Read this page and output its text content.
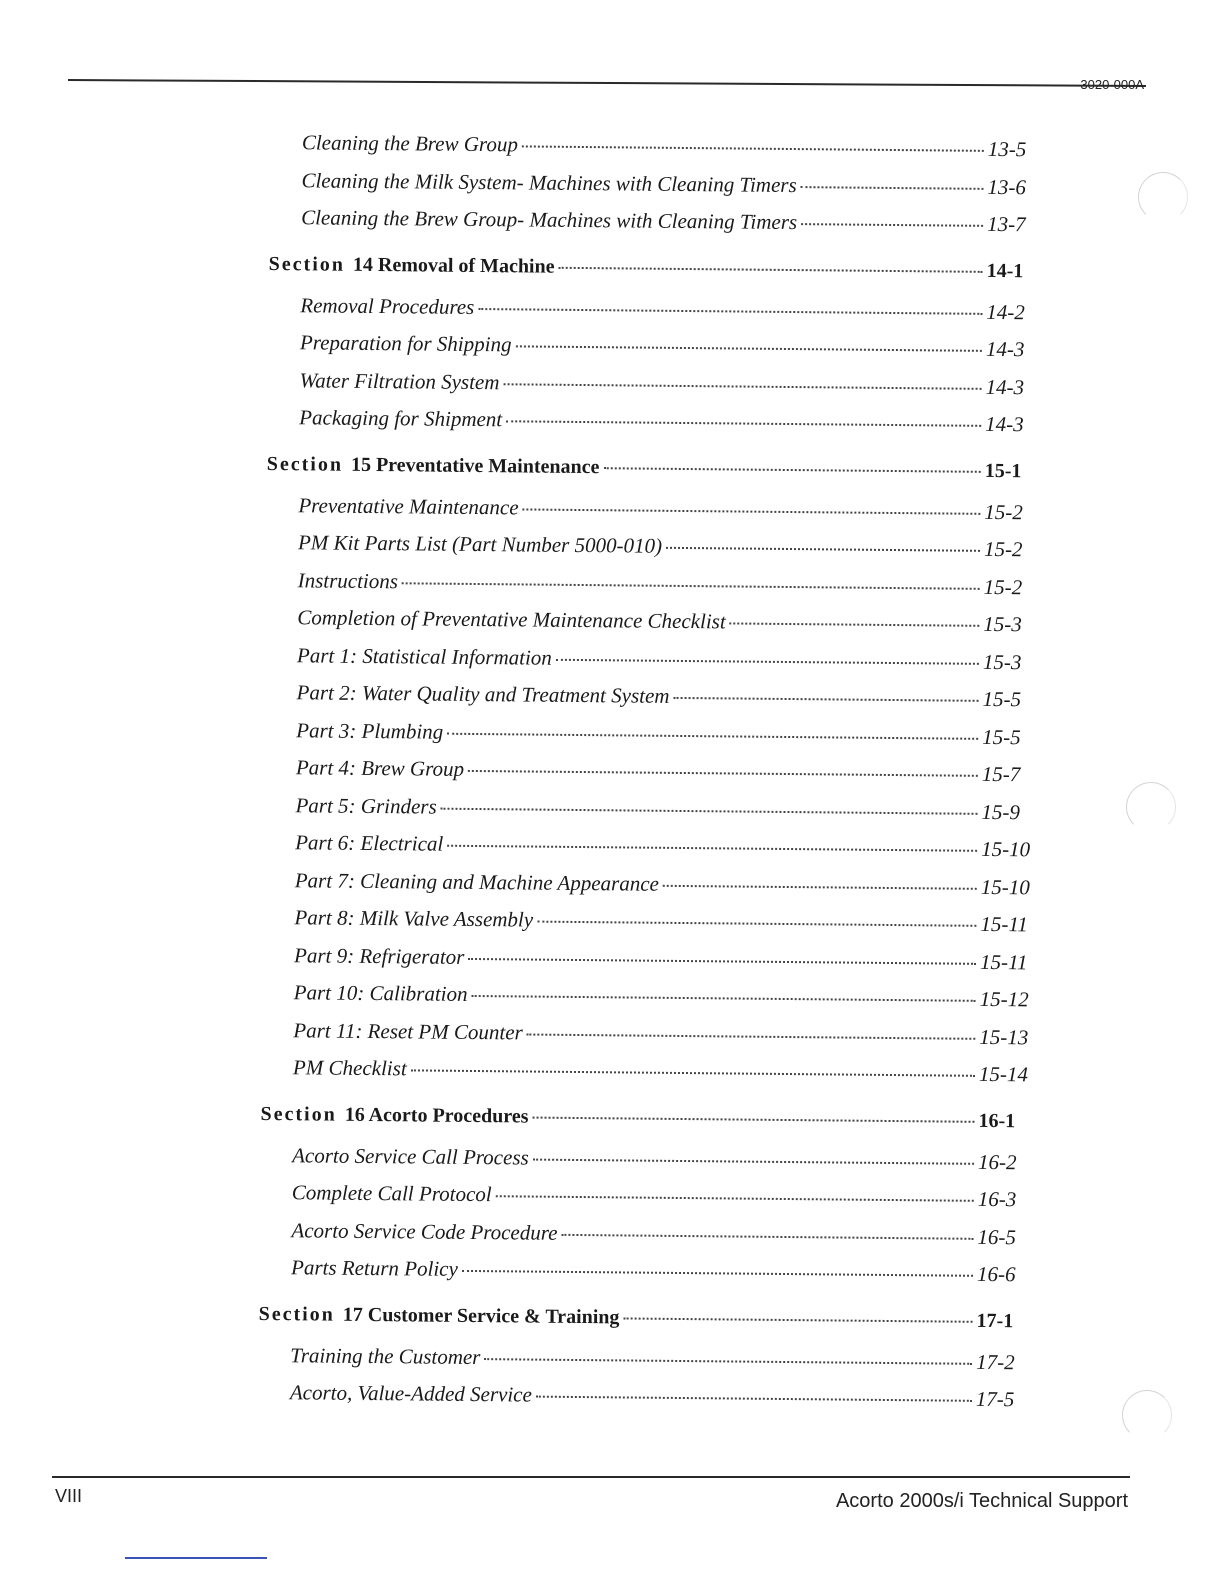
3020-000A
Cleaning the Brew Group	13-5
Cleaning the Milk System- Machines with Cleaning Timers	13-6
Cleaning the Brew Group- Machines with Cleaning Timers	13-7
Section 14 Removal of Machine	14-1
Removal Procedures	14-2
Preparation for Shipping	14-3
Water Filtration System	14-3
Packaging for Shipment	14-3
Section 15 Preventative Maintenance	15-1
Preventative Maintenance	15-2
PM Kit Parts List (Part Number 5000-010)	15-2
Instructions	15-2
Completion of Preventative Maintenance Checklist	15-3
Part 1: Statistical Information	15-3
Part 2: Water Quality and Treatment System	15-5
Part 3: Plumbing	15-5
Part 4: Brew Group	15-7
Part 5: Grinders	15-9
Part 6: Electrical	15-10
Part 7: Cleaning and Machine Appearance	15-10
Part 8: Milk Valve Assembly	15-11
Part 9: Refrigerator	15-11
Part 10: Calibration	15-12
Part 11: Reset PM Counter	15-13
PM Checklist	15-14
Section 16 Acorto Procedures	16-1
Acorto Service Call Process	16-2
Complete Call Protocol	16-3
Acorto Service Code Procedure	16-5
Parts Return Policy	16-6
Section 17 Customer Service & Training	17-1
Training the Customer	17-2
Acorto, Value-Added Service	17-5
VIII	Acorto 2000s/i Technical Support
